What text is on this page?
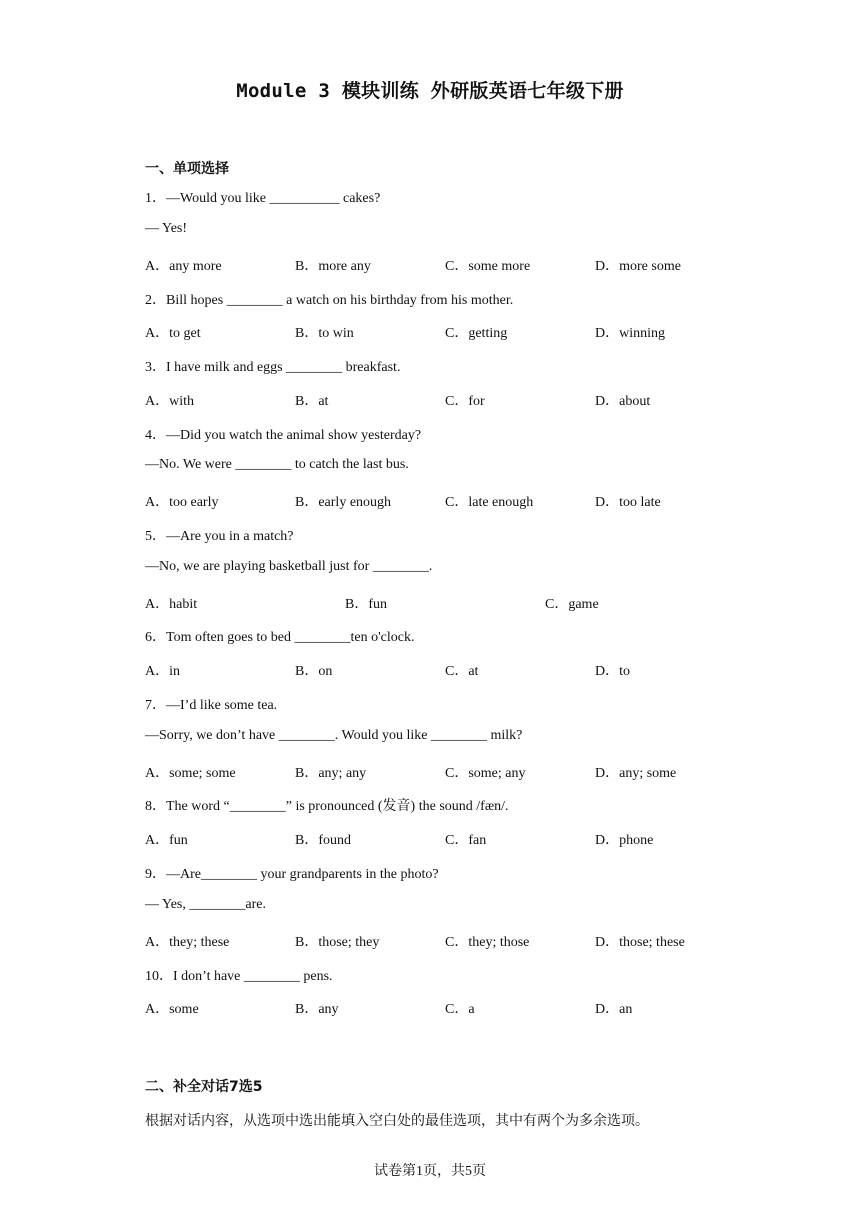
Module 3 模块训练 外研版英语七年级下册
一、单项选择
1．—Would you like __________ cakes?
— Yes!
A．any more	B．more any	C．some more	D．more some
2．Bill hopes ________ a watch on his birthday from his mother.
A．to get	B．to win	C．getting	D．winning
3．I have milk and eggs ________ breakfast.
A．with	B．at	C．for	D．about
4．—Did you watch the animal show yesterday?
—No. We were ________ to catch the last bus.
A．too early	B．early enough	C．late enough	D．too late
5．—Are you in a match?
—No, we are playing basketball just for ________.
A．habit	B．fun	C．game
6．Tom often goes to bed ________ten o'clock.
A．in	B．on	C．at	D．to
7．—I’d like some tea.
—Sorry, we don’t have ________. Would you like ________ milk?
A．some; some	B．any; any	C．some; any	D．any; some
8．The word “________” is pronounced (发音) the sound /fæn/.
A．fun	B．found	C．fan	D．phone
9．—Are________ your grandparents in the photo?
— Yes, ________are.
A．they; these	B．those; they	C．they; those	D．those; these
10．I don’t have ________ pens.
A．some	B．any	C．a	D．an
二、补全对话7选5
根据对话内容，从选项中选出能填入空白处的最佳选项，其中有两个为多余选项。
试卷第1页，共5页
